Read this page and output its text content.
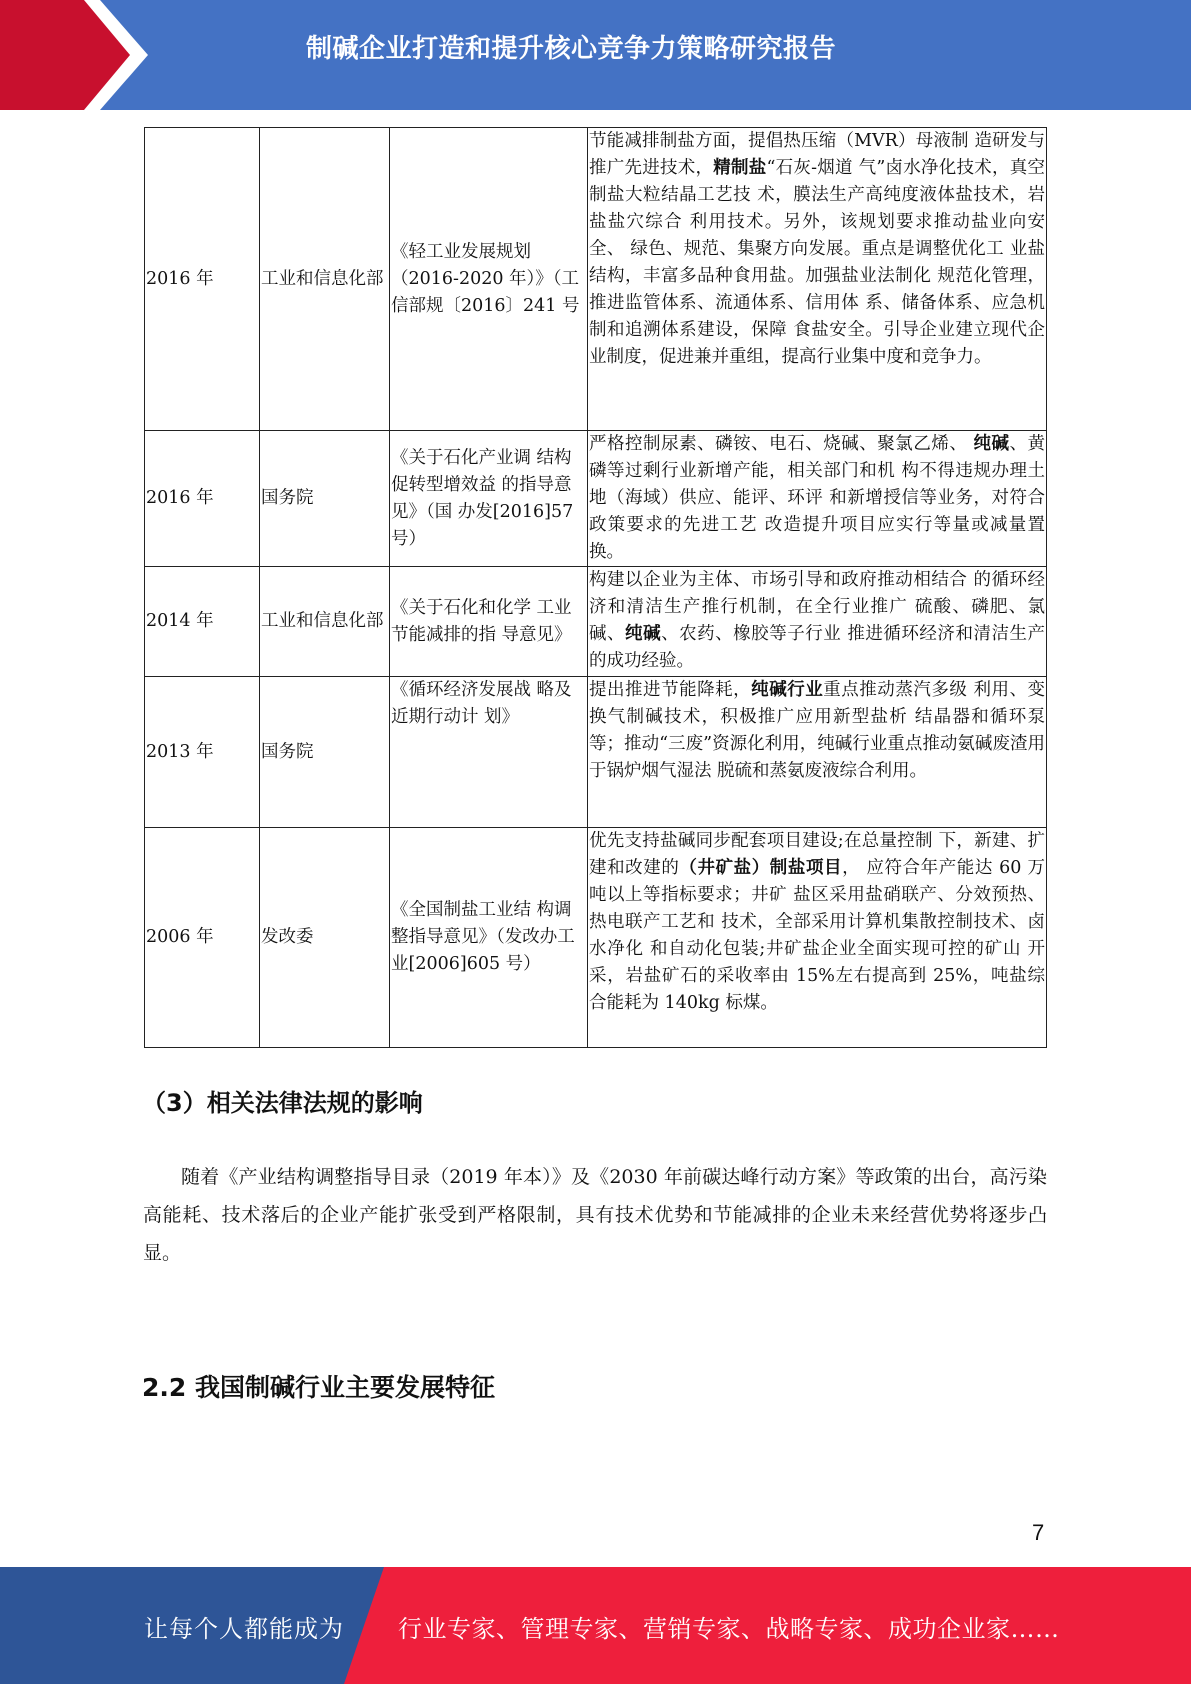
制碱企业打造和提升核心竞争力策略研究报告
2016 年	工业和信息化部	《轻工业发展规划（2016-2020 年）》（工信部规〔2016〕241 号	节能减排制盐方面，提倡热压缩（MVR）母液制 造研发与推广先进技术，精制盐“石灰-烟道 气”卤水净化技术，真空制盐大粒结晶工艺技 术，膜法生产高纯度液体盐技术，岩盐盐穴综合 利用技术。另外，该规划要求推动盐业向安全、 绿色、规范、集聚方向发展。重点是调整优化工 业盐结构，丰富多品种食用盐。加强盐业法制化 规范化管理，推进监管体系、流通体系、信用体 系、储备体系、应急机制和追溯体系建设，保障 食盐安全。引导企业建立现代企业制度，促进兼并重组，提高行业集中度和竞争力。
2016 年	国务院	《关于石化产业调 结构促转型增效益 的指导意见》（国 办发[2016]57 号）	严格控制尿素、磷铵、电石、烧碱、聚氯乙烯、 纯碱、黄磷等过剩行业新增产能，相关部门和机 构不得违规办理土地（海域）供应、能评、环评 和新增授信等业务，对符合政策要求的先进工艺 改造提升项目应实行等量或减量置换。
2014 年	工业和信息化部	《关于石化和化学 工业节能减排的指 导意见》	构建以企业为主体、市场引导和政府推动相结合 的循环经济和清洁生产推行机制，在全行业推广 硫酸、磷肥、氯碱、纯碱、农药、橡胶等子行业 推进循环经济和清洁生产的成功经验。
2013 年	国务院	《循环经济发展战 略及近期行动计 划》	提出推进节能降耗，纯碱行业重点推动蒸汽多级 利用、变换气制碱技术，积极推广应用新型盐析 结晶器和循环泵等；推动“三废”资源化利用，纯碱行业重点推动氨碱废渣用于锅炉烟气湿法 脱硫和蒸氨废液综合利用。
2006 年	发改委	《全国制盐工业结 构调整指导意见》（发改办工业[2006]605 号）	优先支持盐碱同步配套项目建设;在总量控制 下，新建、扩建和改建的（井矿盐）制盐项目， 应符合年产能达 60 万吨以上等指标要求；井矿 盐区采用盐硝联产、分效预热、热电联产工艺和 技术，全部采用计算机集散控制技术、卤水净化 和自动化包装;井矿盐企业全面实现可控的矿山 开采，岩盐矿石的采收率由 15%左右提高到 25%，吨盐综合能耗为 140kg 标煤。
（3）相关法律法规的影响

随着《产业结构调整指导目录（2019 年本）》及《2030 年前碳达峰行动方案》等政策的出台，高污染高能耗、技术落后的企业产能扩张受到严格限制，具有技术优势和节能减排的企业未来经营优势将逐步凸显。

2.2 我国制碱行业主要发展特征
7
让每个人都能成为 行业专家、管理专家、营销专家、战略专家、成功企业家……
